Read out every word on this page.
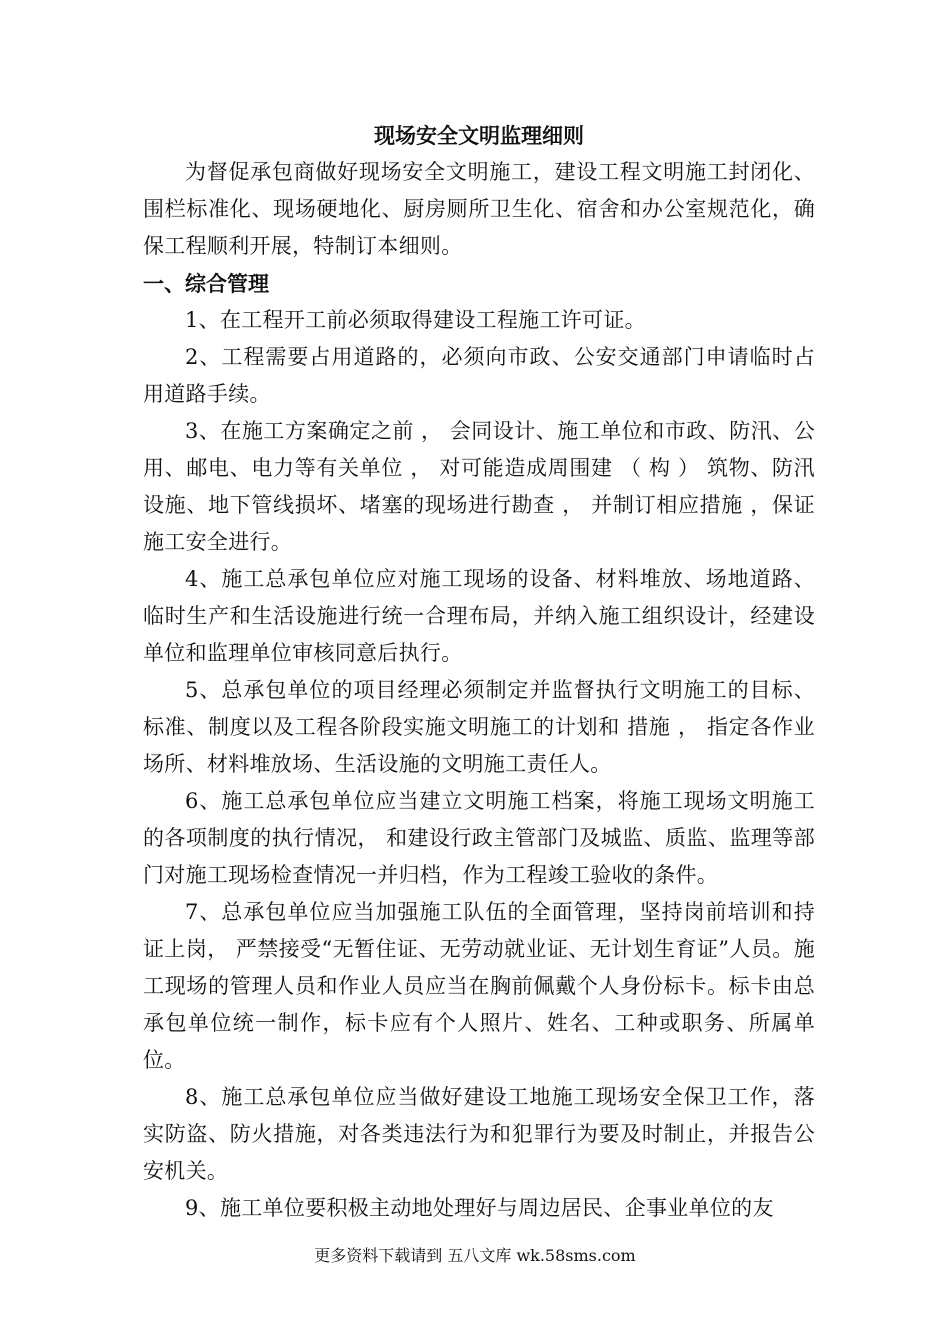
现场安全文明监理细则

为督促承包商做好现场安全文明施工，建设工程文明施工封闭化、围栏标准化、现场硬地化、厨房厕所卫生化、宿舍和办公室规范化，确保工程顺利开展，特制订本细则。

一、综合管理

1、在工程开工前必须取得建设工程施工许可证。

2、工程需要占用道路的，必须向市政、公安交通部门申请临时占用道路手续。

3、在施工方案确定之前 ， 会同设计、施工单位和市政、防汛、公用、邮电、电力等有关单位 ， 对可能造成周围建 （ 构 ） 筑物、防汛设施、地下管线损坏、堵塞的现场进行勘查 ， 并制订相应措施 ，保证施工安全进行。

4、施工总承包单位应对施工现场的设备、材料堆放、场地道路、临时生产和生活设施进行统一合理布局，并纳入施工组织设计，经建设单位和监理单位审核同意后执行。

5、总承包单位的项目经理必须制定并监督执行文明施工的目标、标准、制度以及工程各阶段实施文明施工的计划和 措施 ， 指定各作业场所、材料堆放场、生活设施的文明施工责任人。

6、施工总承包单位应当建立文明施工档案，将施工现场文明施工的各项制度的执行情况， 和建设行政主管部门及城监、质监、监理等部门对施工现场检查情况一并归档，作为工程竣工验收的条件。

7、总承包单位应当加强施工队伍的全面管理，坚持岗前培训和持证上岗， 严禁接受“无暂住证、无劳动就业证、无计划生育证”人员。施工现场的管理人员和作业人员应当在胸前佩戴个人身份标卡。标卡由总承包单位统一制作，标卡应有个人照片、姓名、工种或职务、所属单位。

8、施工总承包单位应当做好建设工地施工现场安全保卫工作，落实防盗、防火措施，对各类违法行为和犯罪行为要及时制止，并报告公安机关。

9、施工单位要积极主动地处理好与周边居民、企事业单位的友

更多资料下载请到 五八文库 wk.58sms.com
